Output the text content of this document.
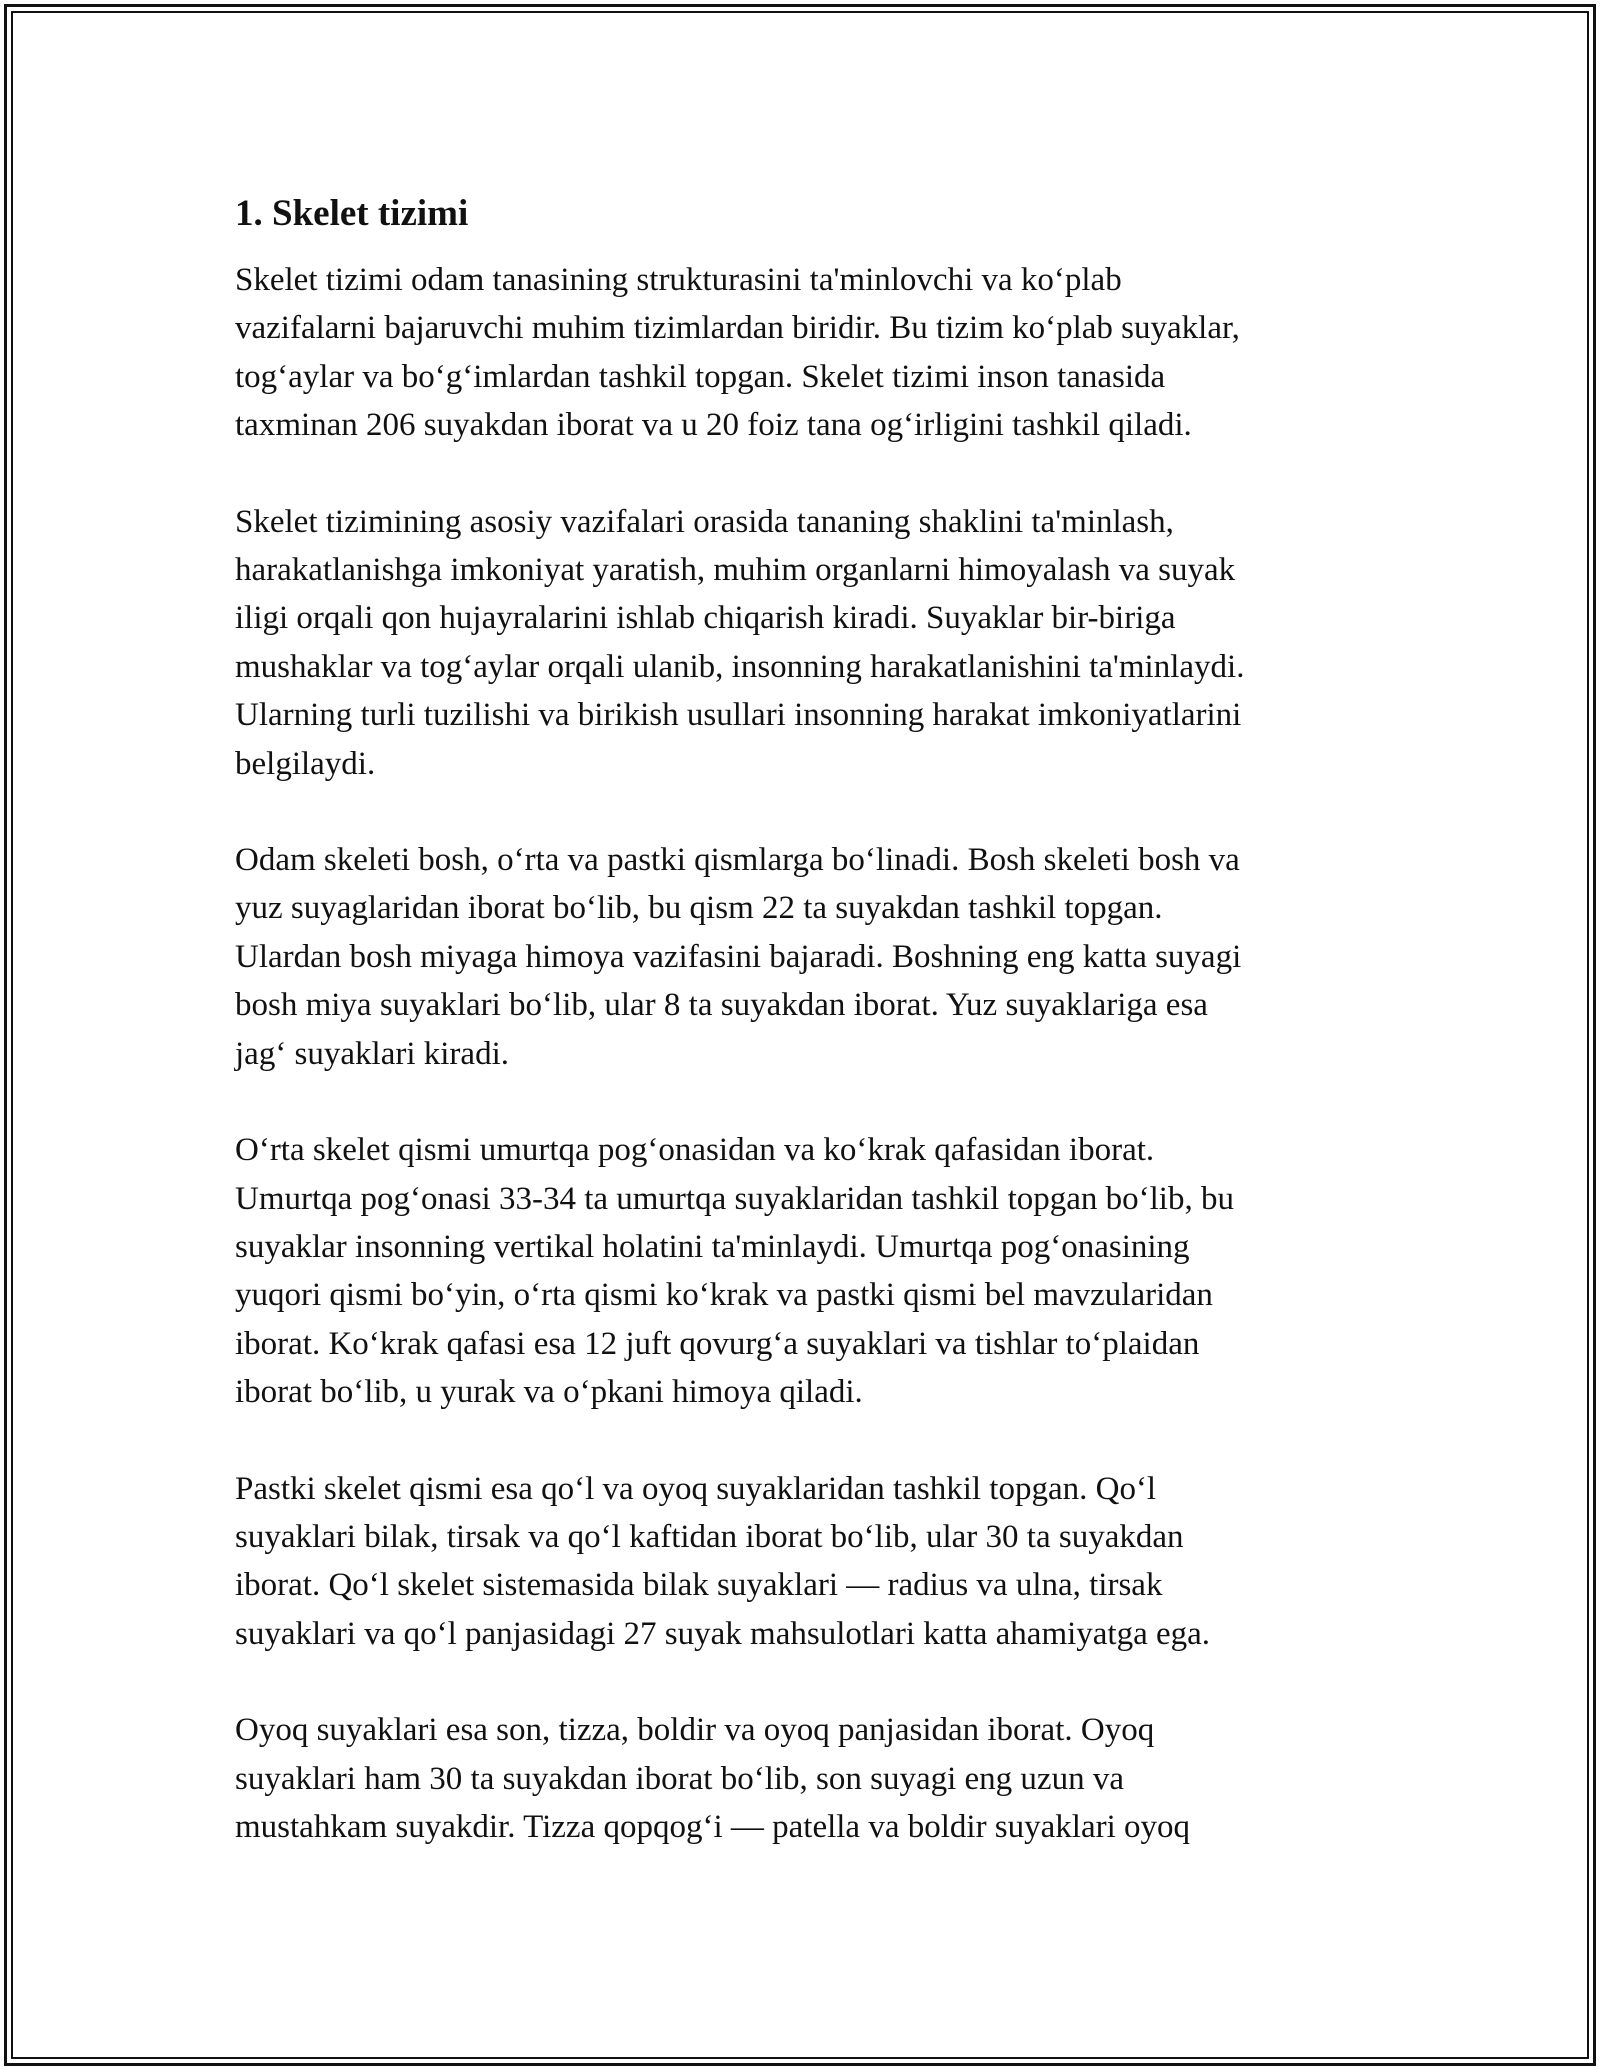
1. Skelet tizimi

Skelet tizimi odam tanasining strukturasini ta'minlovchi va ko‘plab
vazifalarni bajaruvchi muhim tizimlardan biridir. Bu tizim ko‘plab suyaklar,
tog‘aylar va bo‘g‘imlardan tashkil topgan. Skelet tizimi inson tanasida
taxminan 206 suyakdan iborat va u 20 foiz tana og‘irligini tashkil qiladi.

Skelet tizimining asosiy vazifalari orasida tananing shaklini ta'minlash,
harakatlanishga imkoniyat yaratish, muhim organlarni himoyalash va suyak
iligi orqali qon hujayralarini ishlab chiqarish kiradi. Suyaklar bir-biriga
mushaklar va tog‘aylar orqali ulanib, insonning harakatlanishini ta'minlaydi.
Ularning turli tuzilishi va birikish usullari insonning harakat imkoniyatlarini
belgilaydi.

Odam skeleti bosh, o‘rta va pastki qismlarga bo‘linadi. Bosh skeleti bosh va
yuz suyaglaridan iborat bo‘lib, bu qism 22 ta suyakdan tashkil topgan.
Ulardan bosh miyaga himoya vazifasini bajaradi. Boshning eng katta suyagi
bosh miya suyaklari bo‘lib, ular 8 ta suyakdan iborat. Yuz suyaklariga esa
jag‘ suyaklari kiradi.

O‘rta skelet qismi umurtqa pog‘onasidan va ko‘krak qafasidan iborat.
Umurtqa pog‘onasi 33-34 ta umurtqa suyaklaridan tashkil topgan bo‘lib, bu
suyaklar insonning vertikal holatini ta'minlaydi. Umurtqa pog‘onasining
yuqori qismi bo‘yin, o‘rta qismi ko‘krak va pastki qismi bel mavzularidan
iborat. Ko‘krak qafasi esa 12 juft qovurg‘a suyaklari va tishlar to‘plaidan
iborat bo‘lib, u yurak va o‘pkani himoya qiladi.

Pastki skelet qismi esa qo‘l va oyoq suyaklaridan tashkil topgan. Qo‘l
suyaklari bilak, tirsak va qo‘l kaftidan iborat bo‘lib, ular 30 ta suyakdan
iborat. Qo‘l skelet sistemasida bilak suyaklari — radius va ulna, tirsak
suyaklari va qo‘l panjasidagi 27 suyak mahsulotlari katta ahamiyatga ega.

Oyoq suyaklari esa son, tizza, boldir va oyoq panjasidan iborat. Oyoq
suyaklari ham 30 ta suyakdan iborat bo‘lib, son suyagi eng uzun va
mustahkam suyakdir. Tizza qopqog‘i — patella va boldir suyaklari oyoq
